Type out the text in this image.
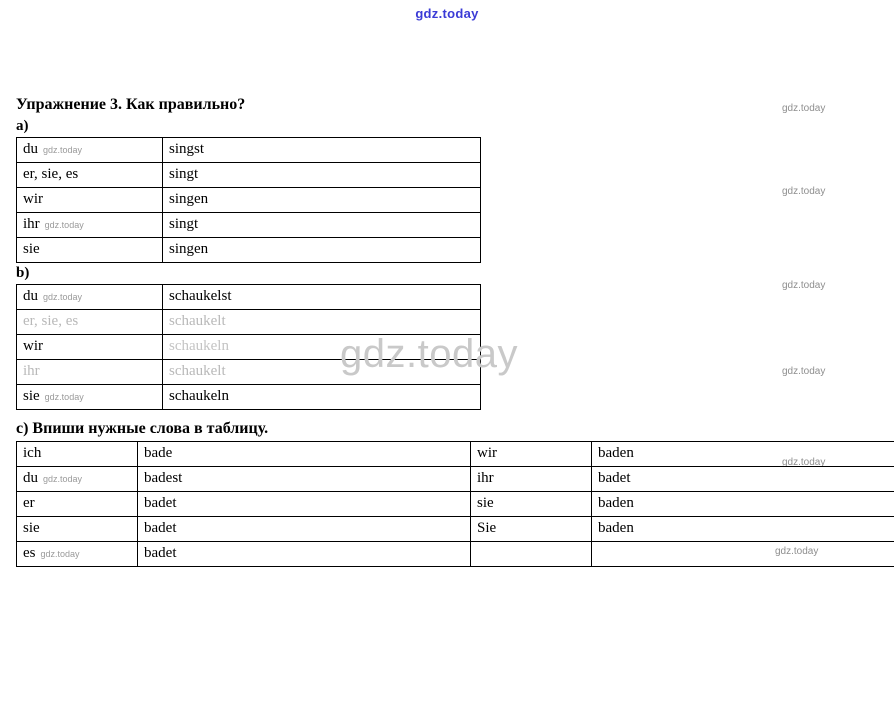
gdz.today
gdz.today
gdz.today
gdz.today
gdz.today
gdz.today
gdz.today
gdz.today
Упражнение 3. Как правильно?
a)
du gdz.today	singst
er, sie, es	singt
wir	singen
ihr gdz.today	singt
sie	singen
b)
du gdz.today	schaukelst
er, sie, es	schaukelt
wir	schaukeln
ihr	schaukelt
sie gdz.today	schaukeln
c) Впиши нужные слова в таблицу.
ich	bade	wir	baden
du gdz.today	badest	ihr	badet
er	badet	sie	baden
sie	badet	Sie	baden
es gdz.today	badet		
